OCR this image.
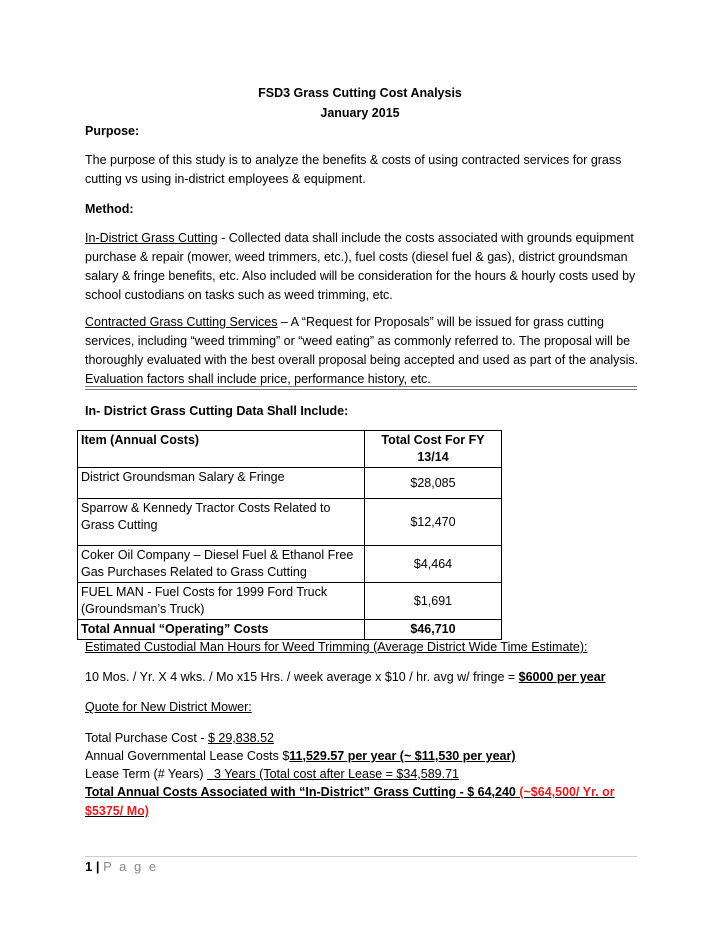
FSD3 Grass Cutting Cost Analysis
January 2015
Purpose:

The purpose of this study is to analyze the benefits & costs of using contracted services for grass cutting vs using in-district employees & equipment.

Method:

In-District Grass Cutting - Collected data shall include the costs associated with grounds equipment purchase & repair (mower, weed trimmers, etc.), fuel costs (diesel fuel & gas), district groundsman salary & fringe benefits, etc. Also included will be consideration for the hours & hourly costs used by school custodians on tasks such as weed trimming, etc.

Contracted Grass Cutting Services – A “Request for Proposals” will be issued for grass cutting services, including “weed trimming” or “weed eating” as commonly referred to. The proposal will be thoroughly evaluated with the best overall proposal being accepted and used as part of the analysis. Evaluation factors shall include price, performance history, etc.

In- District Grass Cutting Data Shall Include:
Item (Annual Costs)	Total Cost For FY 13/14
District Groundsman Salary & Fringe	$28,085
Sparrow & Kennedy Tractor Costs Related to Grass Cutting	$12,470
Coker Oil Company – Diesel Fuel & Ethanol Free Gas Purchases Related to Grass Cutting	$4,464
FUEL MAN - Fuel Costs for 1999 Ford Truck (Groundsman’s Truck)	$1,691
Total Annual “Operating” Costs	$46,710
Estimated Custodial Man Hours for Weed Trimming (Average District Wide Time Estimate):

10 Mos. / Yr. X 4 wks. / Mo x15 Hrs. / week average x $10 / hr. avg w/ fringe = $6000 per year

Quote for New District Mower:

Total Purchase Cost - $ 29,838.52

Annual Governmental Lease Costs $11,529.57 per year (~ $11,530 per year)

Lease Term (# Years)   3 Years (Total cost after Lease = $34,589.71

Total Annual Costs Associated with “In-District” Grass Cutting - $ 64,240 (~$64,500/ Yr. or $5375/ Mo)

1 | P a g e
